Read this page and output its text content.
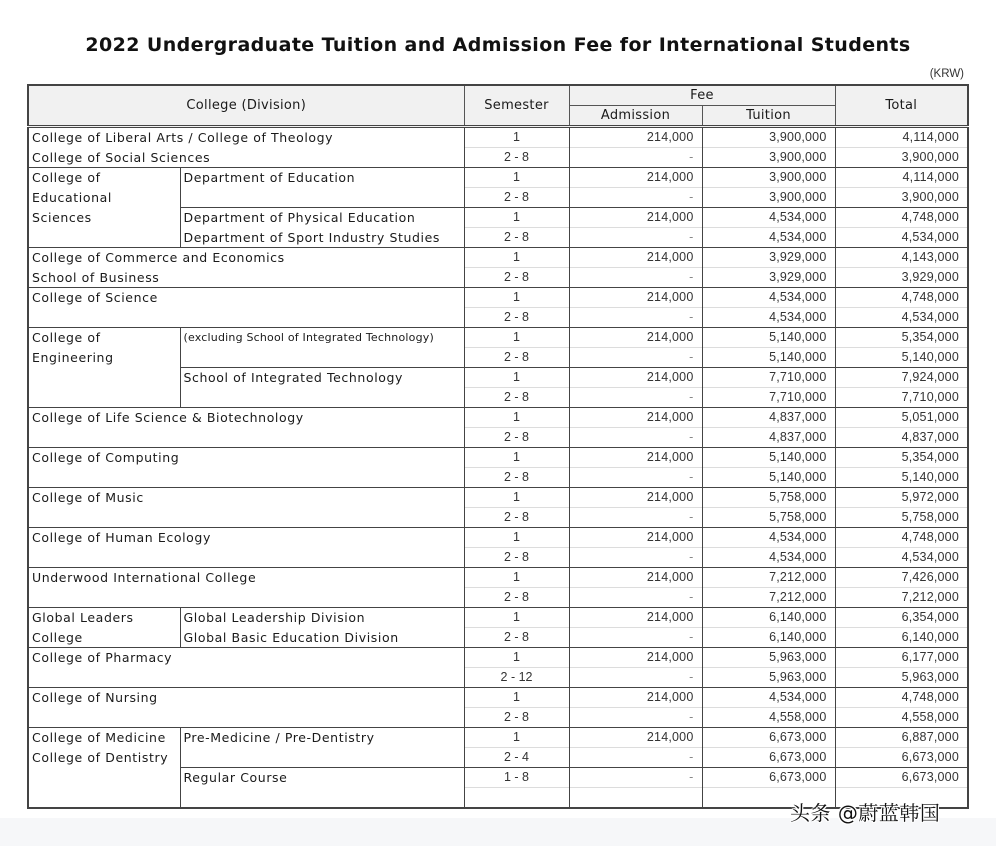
2022 Undergraduate Tuition and Admission Fee for International Students
(KRW)
College (Division)		Semester	Fee		Total
			Admission	Tuition	
College of Liberal Arts / College of Theology		1	214,000	3,900,000	4,114,000
College of Social Sciences		2 - 8	-	3,900,000	3,900,000
College of	Department of Education	1	214,000	3,900,000	4,114,000
Educational		2 - 8	-	3,900,000	3,900,000
Sciences	Department of Physical Education	1	214,000	4,534,000	4,748,000
	Department of Sport Industry Studies	2 - 8	-	4,534,000	4,534,000
College of Commerce and Economics		1	214,000	3,929,000	4,143,000
School of Business		2 - 8	-	3,929,000	3,929,000
College of Science		1	214,000	4,534,000	4,748,000
		2 - 8	-	4,534,000	4,534,000
College of	(excluding School of Integrated Technology)	1	214,000	5,140,000	5,354,000
Engineering		2 - 8	-	5,140,000	5,140,000
	School of Integrated Technology	1	214,000	7,710,000	7,924,000
		2 - 8	-	7,710,000	7,710,000
College of Life Science & Biotechnology		1	214,000	4,837,000	5,051,000
		2 - 8	-	4,837,000	4,837,000
College of Computing		1	214,000	5,140,000	5,354,000
		2 - 8	-	5,140,000	5,140,000
College of Music		1	214,000	5,758,000	5,972,000
		2 - 8	-	5,758,000	5,758,000
College of Human Ecology		1	214,000	4,534,000	4,748,000
		2 - 8	-	4,534,000	4,534,000
Underwood International College		1	214,000	7,212,000	7,426,000
		2 - 8	-	7,212,000	7,212,000
Global Leaders	Global Leadership Division	1	214,000	6,140,000	6,354,000
College	Global Basic Education Division	2 - 8	-	6,140,000	6,140,000
College of Pharmacy		1	214,000	5,963,000	6,177,000
		2 - 12	-	5,963,000	5,963,000
College of Nursing		1	214,000	4,534,000	4,748,000
		2 - 8	-	4,558,000	4,558,000
College of Medicine	Pre-Medicine / Pre-Dentistry	1	214,000	6,673,000	6,887,000
College of Dentistry		2 - 4	-	6,673,000	6,673,000
	Regular Course	1 - 8	-	6,673,000	6,673,000

头条 @蔚蓝韩国
